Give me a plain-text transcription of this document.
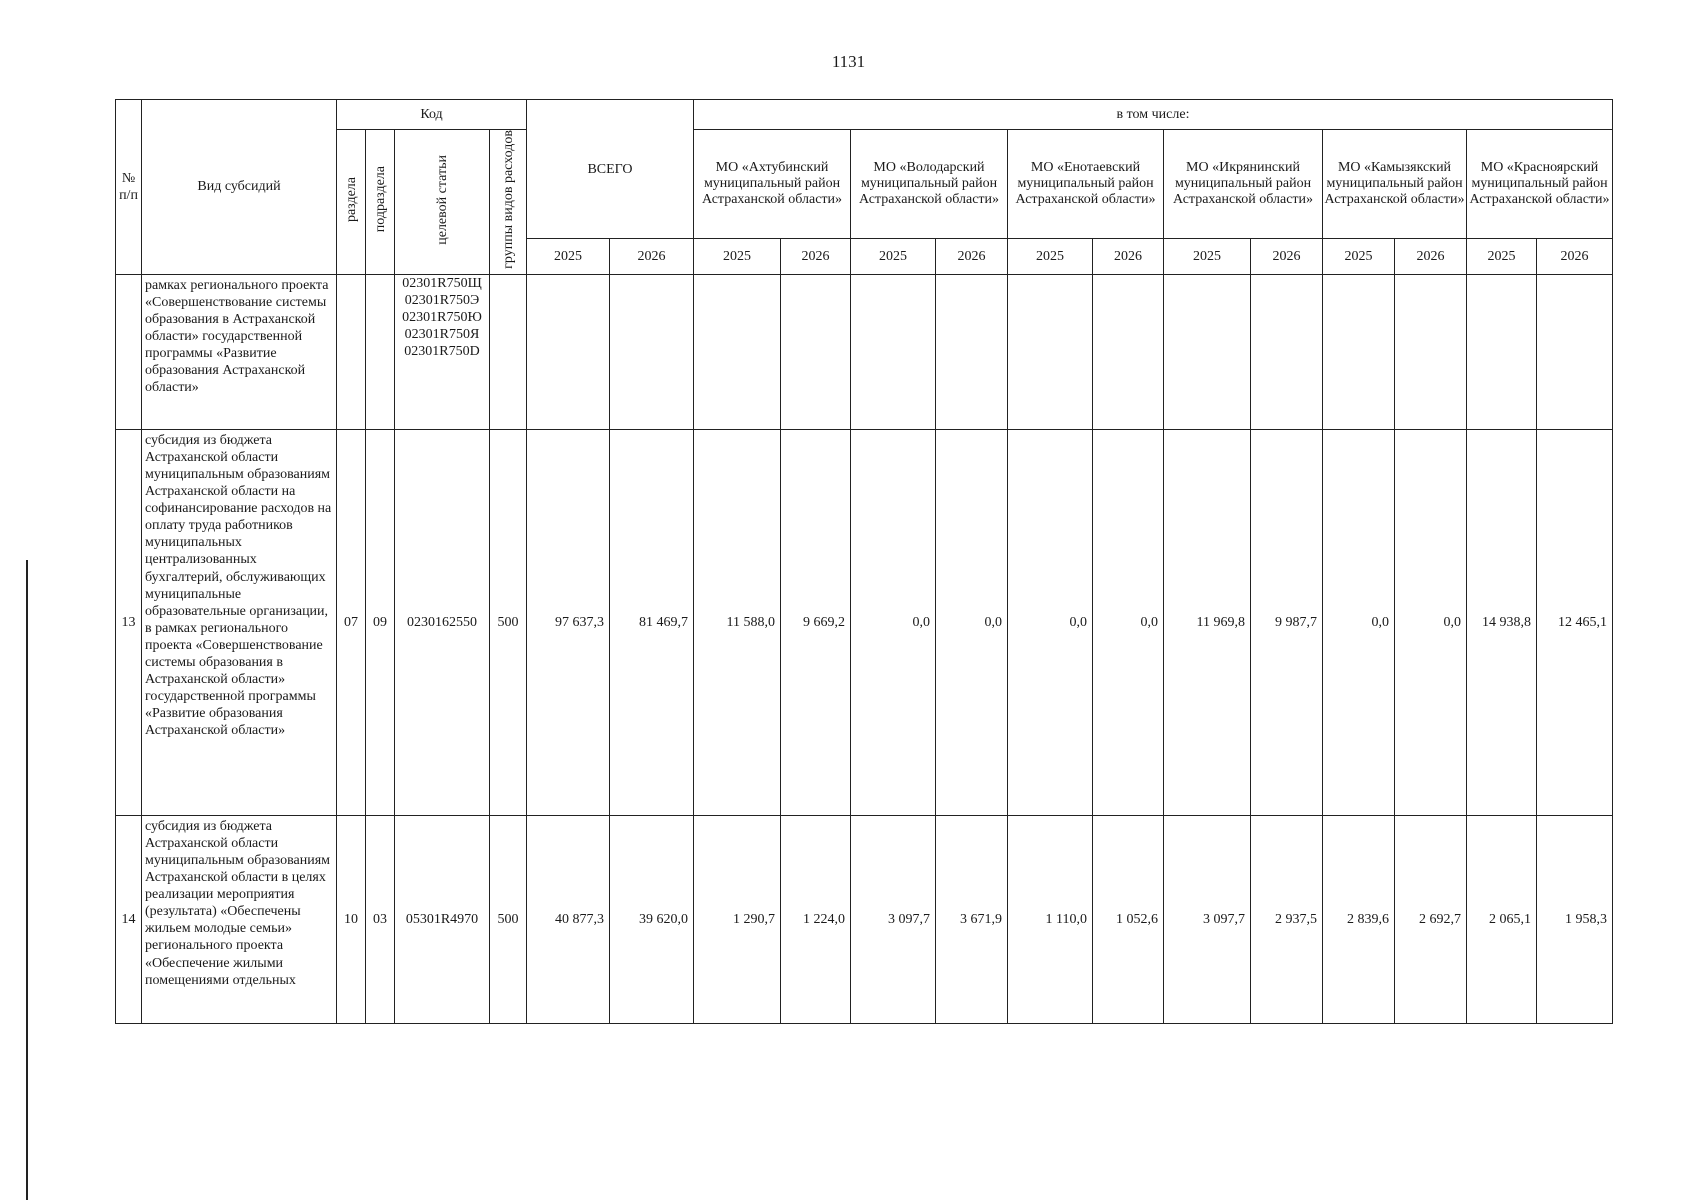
1131
№ п/п	Вид субсидий	Код				ВСЕГО		в том числе:											
		раздела	подраздела	целевой статьи	группы видов расходов			МО «Ахтубинский муниципальный район Астраханской области»		МО «Володарский муниципальный район Астраханской области»		МО «Енотаевский муниципальный район Астраханской области»		МО «Икрянинский муниципальный район Астраханской области»		МО «Камызякский муниципальный район Астраханской области»		МО «Красноярский муниципальный район Астраханской области»	
						2025	2026	2025	2026	2025	2026	2025	2026	2025	2026	2025	2026	2025	2026
	рамках регионального проекта «Совершенствование системы образования в Астраханской области» государственной программы «Развитие образования Астраханской области»			02301R750Щ
02301R750Э
02301R750Ю
02301R750Я
02301R750D															
13	субсидия из бюджета Астраханской области муниципальным образованиям Астраханской области на софинансирование расходов на оплату труда работников муниципальных централизованных бухгалтерий, обслуживающих муниципальные образовательные организации, в рамках регионального проекта «Совершенствование системы образования в Астраханской области» государственной программы «Развитие образования Астраханской области»	07	09	0230162550	500	97 637,3	81 469,7	11 588,0	9 669,2	0,0	0,0	0,0	0,0	11 969,8	9 987,7	0,0	0,0	14 938,8	12 465,1
14	субсидия из бюджета Астраханской области муниципальным образованиям Астраханской области в целях реализации мероприятия (результата) «Обеспечены жильем молодые семьи» регионального проекта «Обеспечение жилыми помещениями отдельных	10	03	05301R4970	500	40 877,3	39 620,0	1 290,7	1 224,0	3 097,7	3 671,9	1 110,0	1 052,6	3 097,7	2 937,5	2 839,6	2 692,7	2 065,1	1 958,3
